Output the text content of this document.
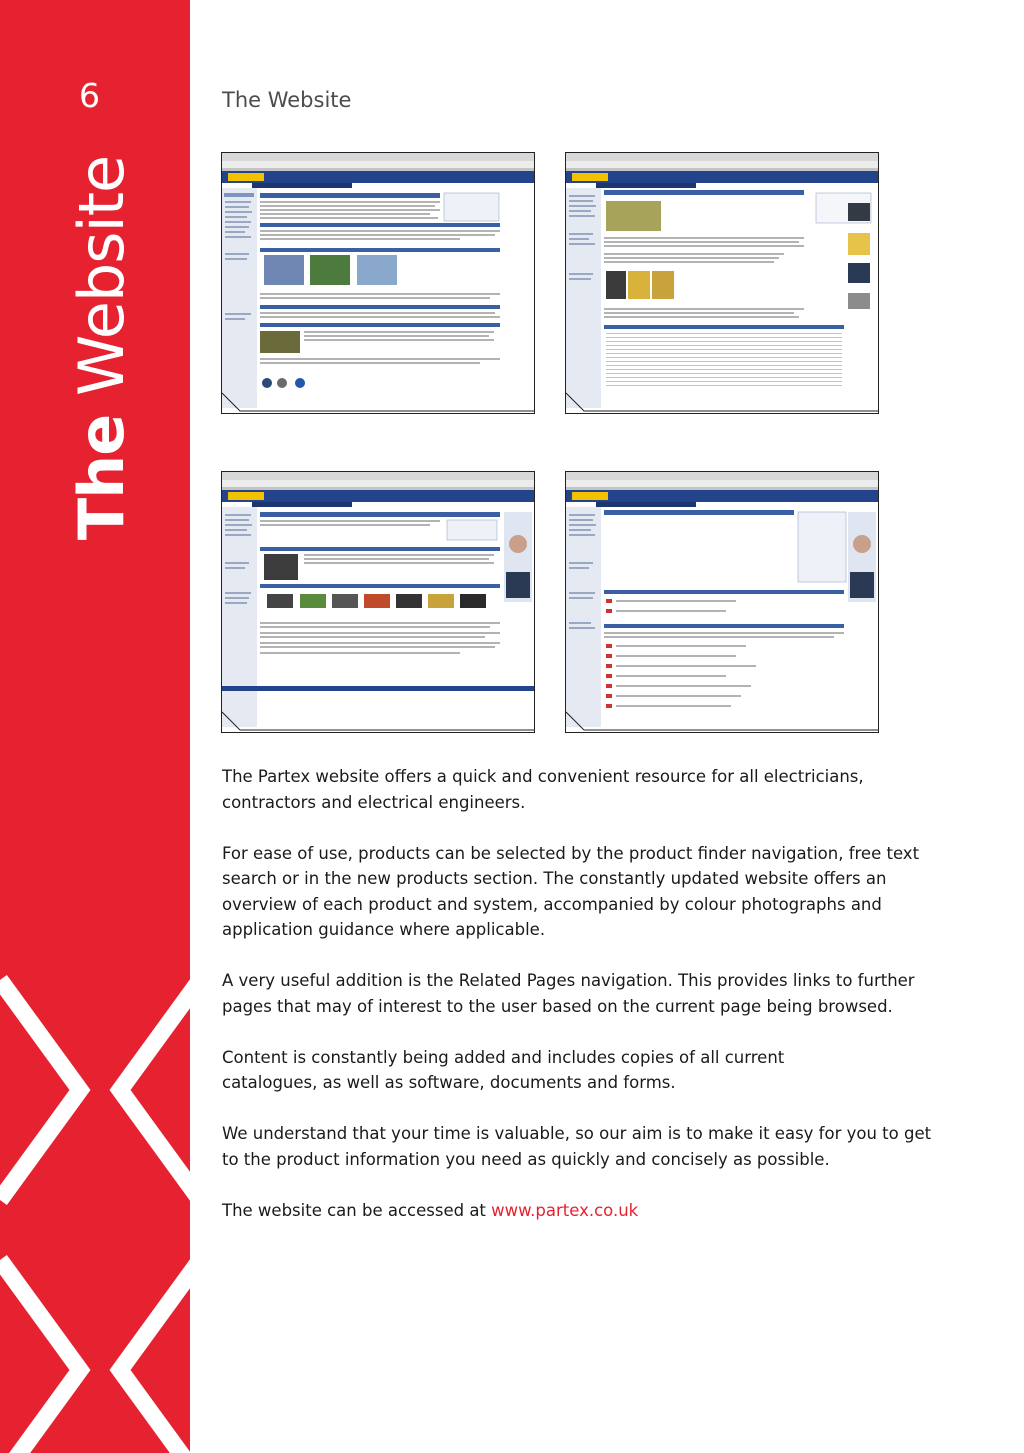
6
The Website
The Website

The Partex website offers a quick and convenient resource for all electricians,
contractors and electrical engineers.

For ease of use, products can be selected by the product finder navigation, free text
search or in the new products section. The constantly updated website offers an
overview of each product and system, accompanied by colour photographs and
application guidance where applicable.

A very useful addition is the Related Pages navigation. This provides links to further
pages that may of interest to the user based on the current page being browsed.

Content is constantly being added and includes copies of all current
catalogues, as well as software, documents and forms.

We understand that your time is valuable, so our aim is to make it easy for you to get
to the product information you need as quickly and concisely as possible.

The website can be accessed at www.partex.co.uk
